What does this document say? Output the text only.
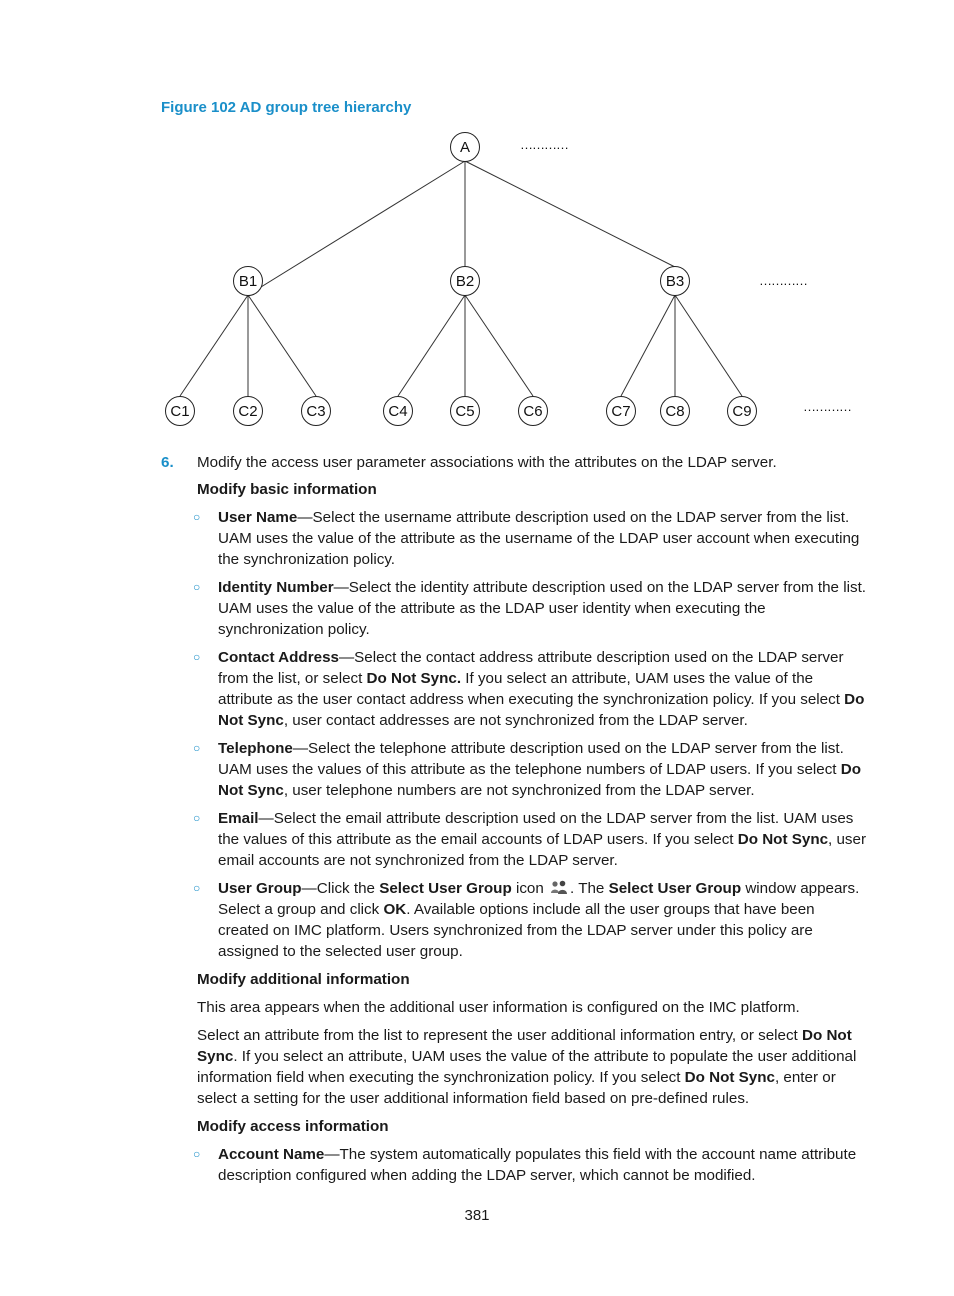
Figure 102 AD group tree hierarchy
A
B1	B2	B3
C1	C2	C3	C4	C5	C6	C7 C8	C9
…………
…………
…………
6. Modify the access user parameter associations with the attributes on the LDAP server.
Modify basic information
○ User Name—Select the username attribute description used on the LDAP server from the list. UAM uses the value of the attribute as the username of the LDAP user account when executing the synchronization policy.
○ Identity Number—Select the identity attribute description used on the LDAP server from the list. UAM uses the value of the attribute as the LDAP user identity when executing the synchronization policy.
○ Contact Address—Select the contact address attribute description used on the LDAP server from the list, or select Do Not Sync. If you select an attribute, UAM uses the value of the attribute as the user contact address when executing the synchronization policy. If you select Do Not Sync, user contact addresses are not synchronized from the LDAP server.
○ Telephone—Select the telephone attribute description used on the LDAP server from the list. UAM uses the values of this attribute as the telephone numbers of LDAP users. If you select Do Not Sync, user telephone numbers are not synchronized from the LDAP server.
○ Email—Select the email attribute description used on the LDAP server from the list. UAM uses the values of this attribute as the email accounts of LDAP users. If you select Do Not Sync, user email accounts are not synchronized from the LDAP server.
○ User Group—Click the Select User Group icon . The Select User Group window appears. Select a group and click OK. Available options include all the user groups that have been created on IMC platform. Users synchronized from the LDAP server under this policy are assigned to the selected user group.
Modify additional information
This area appears when the additional user information is configured on the IMC platform.
Select an attribute from the list to represent the user additional information entry, or select Do Not Sync. If you select an attribute, UAM uses the value of the attribute to populate the user additional information field when executing the synchronization policy. If you select Do Not Sync, enter or select a setting for the user additional information field based on pre-defined rules.
Modify access information
○ Account Name—The system automatically populates this field with the account name attribute description configured when adding the LDAP server, which cannot be modified.
381
